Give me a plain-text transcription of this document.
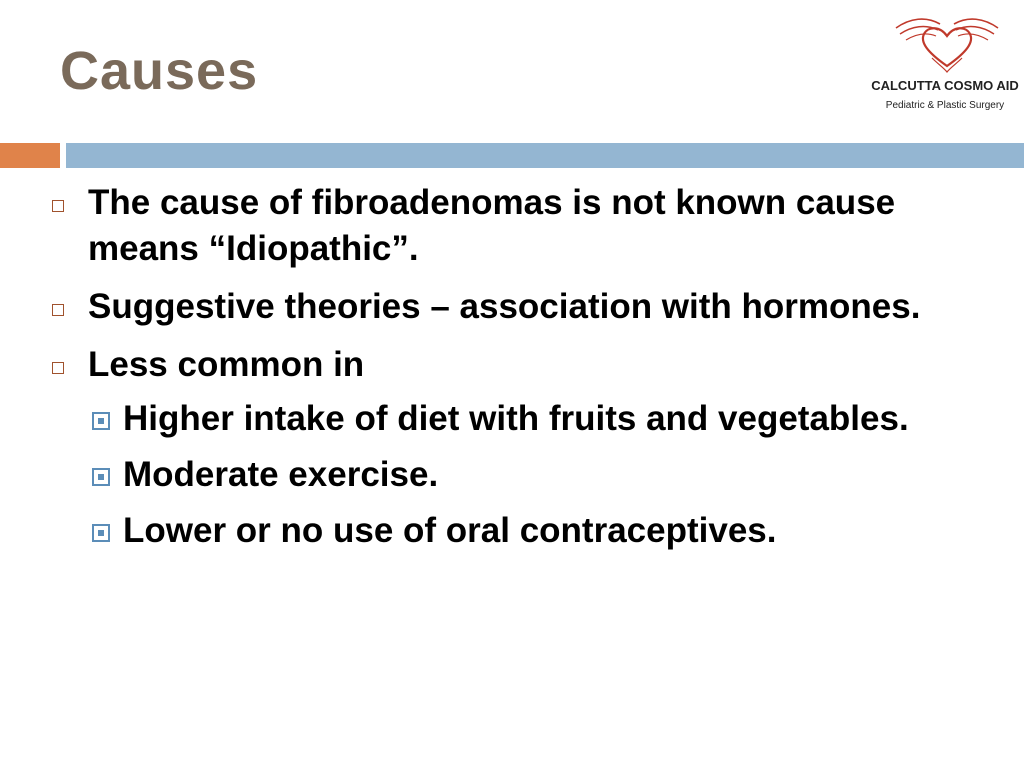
Causes	CALCUTTA COSMO AID
Pediatric & Plastic Surgery
The cause of fibroadenomas is not known cause means “Idiopathic”.
Suggestive theories – association with hormones.
Less common in
Higher intake of diet with fruits and vegetables.
Moderate exercise.
Lower or no use of oral contraceptives.
